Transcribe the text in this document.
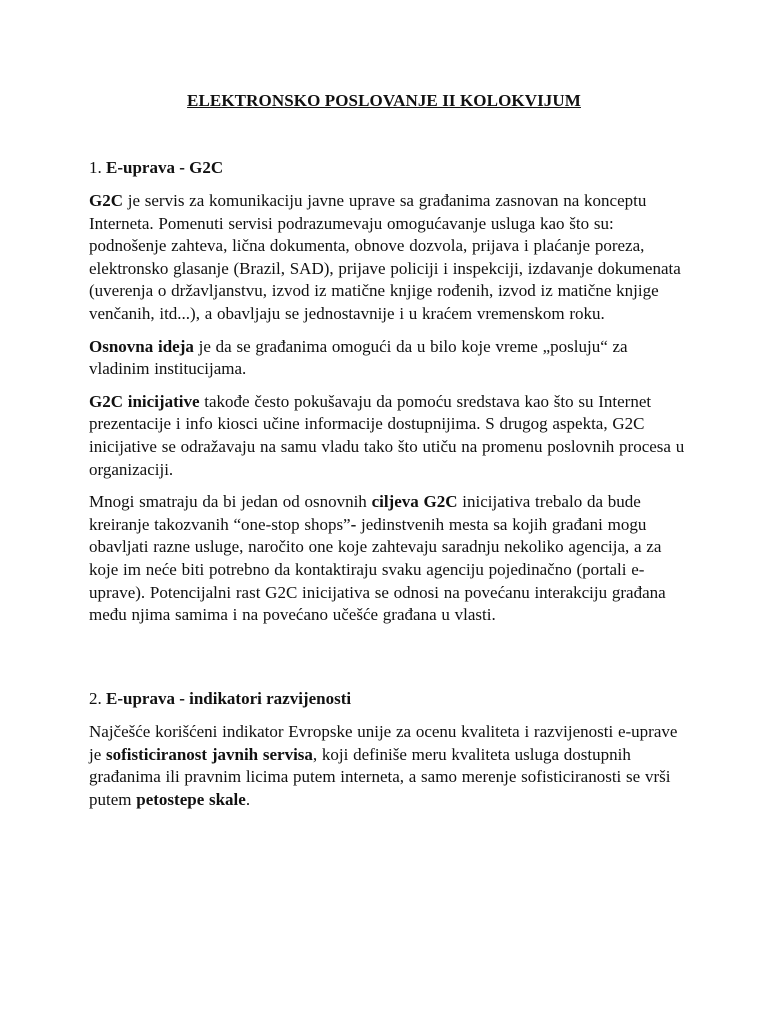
ELEKTRONSKO POSLOVANJE II KOLOKVIJUM
1. E-uprava - G2C

G2C je servis za komunikaciju javne uprave sa građanima zasnovan na konceptu Interneta. Pomenuti servisi podrazumevaju omogućavanje usluga kao što su: podnošenje zahteva, lična dokumenta, obnove dozvola, prijava i plaćanje poreza, elektronsko glasanje (Brazil, SAD), prijave policiji i inspekciji, izdavanje dokumenata (uverenja o državljanstvu, izvod iz matične knjige rođenih, izvod iz matične knjige venčanih, itd...), a obavljaju se jednostavnije i u kraćem vremenskom roku.

Osnovna ideja je da se građanima omogući da u bilo koje vreme „posluju“ za vladinim institucijama.

G2C inicijative takođe često pokušavaju da pomoću sredstava kao što su Internet prezentacije i info kiosci učine informacije dostupnijima. S drugog aspekta, G2C inicijative se odražavaju na samu vladu tako što utiču na promenu poslovnih procesa u organizaciji.

Mnogi smatraju da bi jedan od osnovnih ciljeva G2C inicijativa trebalo da bude kreiranje takozvanih “one-stop shops”- jedinstvenih mesta sa kojih građani mogu obavljati razne usluge, naročito one koje zahtevaju saradnju nekoliko agencija, a za koje im neće biti potrebno da kontaktiraju svaku agenciju pojedinačno (portali e-uprave). Potencijalni rast G2C inicijativa se odnosi na povećanu interakciju građana među njima samima i na povećano učešće građana u vlasti.

2. E-uprava - indikatori razvijenosti

Najčešće korišćeni indikator Evropske unije za ocenu kvaliteta i razvijenosti e-uprave je sofisticiranost javnih servisa, koji definiše meru kvaliteta usluga dostupnih građanima ili pravnim licima putem interneta, a samo merenje sofisticiranosti se vrši putem petostepe skale.
